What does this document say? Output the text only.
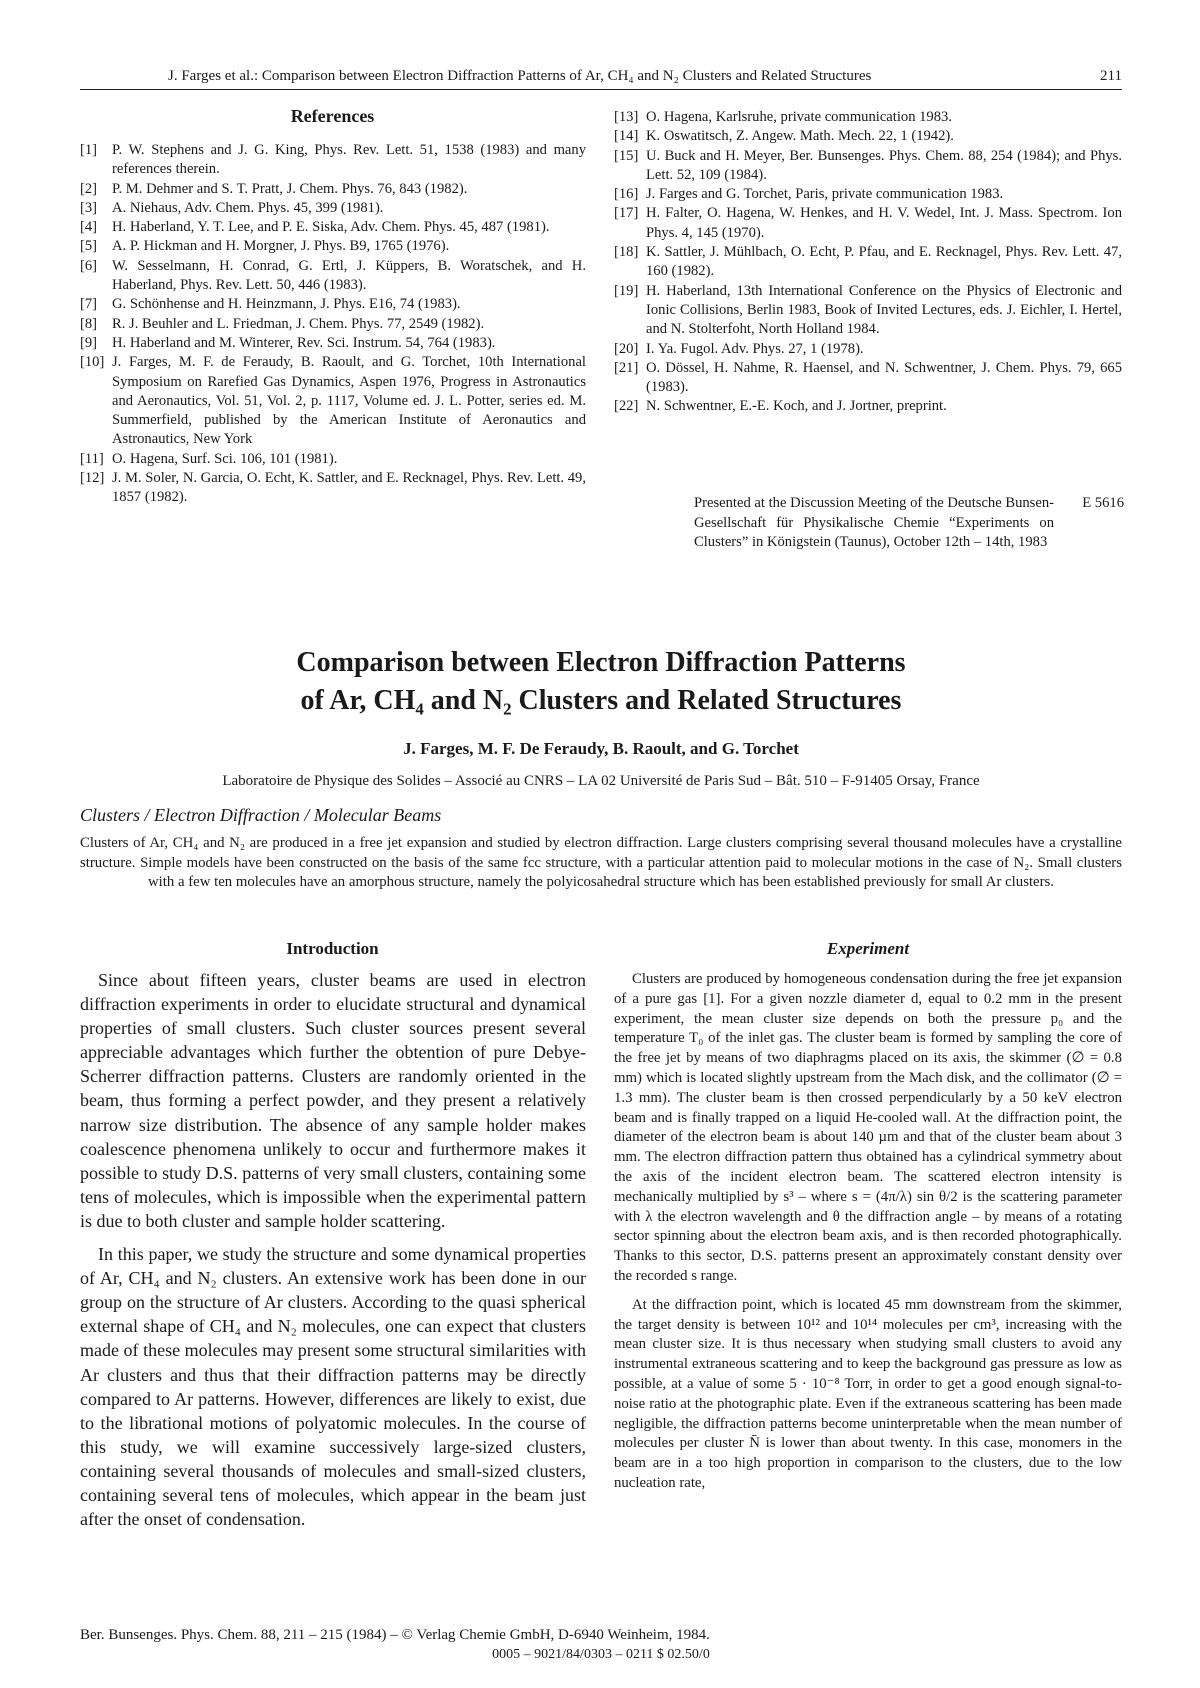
J. Farges et al.: Comparison between Electron Diffraction Patterns of Ar, CH₄ and N₂ Clusters and Related Structures	211
References
[1] P. W. Stephens and J. G. King, Phys. Rev. Lett. 51, 1538 (1983) and many references therein.
[2] P. M. Dehmer and S. T. Pratt, J. Chem. Phys. 76, 843 (1982).
[3] A. Niehaus, Adv. Chem. Phys. 45, 399 (1981).
[4] H. Haberland, Y. T. Lee, and P. E. Siska, Adv. Chem. Phys. 45, 487 (1981).
[5] A. P. Hickman and H. Morgner, J. Phys. B9, 1765 (1976).
[6] W. Sesselmann, H. Conrad, G. Ertl, J. Küppers, B. Woratschek, and H. Haberland, Phys. Rev. Lett. 50, 446 (1983).
[7] G. Schönhense and H. Heinzmann, J. Phys. E16, 74 (1983).
[8] R. J. Beuhler and L. Friedman, J. Chem. Phys. 77, 2549 (1982).
[9] H. Haberland and M. Winterer, Rev. Sci. Instrum. 54, 764 (1983).
[10] J. Farges, M. F. de Feraudy, B. Raoult, and G. Torchet, 10th International Symposium on Rarefied Gas Dynamics, Aspen 1976, Progress in Astronautics and Aeronautics, Vol. 51, Vol. 2, p. 1117, Volume ed. J. L. Potter, series ed. M. Summerfield, published by the American Institute of Aeronautics and Astronautics, New York
[11] O. Hagena, Surf. Sci. 106, 101 (1981).
[12] J. M. Soler, N. Garcia, O. Echt, K. Sattler, and E. Recknagel, Phys. Rev. Lett. 49, 1857 (1982).
[13] O. Hagena, Karlsruhe, private communication 1983.
[14] K. Oswatitsch, Z. Angew. Math. Mech. 22, 1 (1942).
[15] U. Buck and H. Meyer, Ber. Bunsenges. Phys. Chem. 88, 254 (1984); and Phys. Lett. 52, 109 (1984).
[16] J. Farges and G. Torchet, Paris, private communication 1983.
[17] H. Falter, O. Hagena, W. Henkes, and H. V. Wedel, Int. J. Mass. Spectrom. Ion Phys. 4, 145 (1970).
[18] K. Sattler, J. Mühlbach, O. Echt, P. Pfau, and E. Recknagel, Phys. Rev. Lett. 47, 160 (1982).
[19] H. Haberland, 13th International Conference on the Physics of Electronic and Ionic Collisions, Berlin 1983, Book of Invited Lectures, eds. J. Eichler, I. Hertel, and N. Stolterfoht, North Holland 1984.
[20] I. Ya. Fugol. Adv. Phys. 27, 1 (1978).
[21] O. Dössel, H. Nahme, R. Haensel, and N. Schwentner, J. Chem. Phys. 79, 665 (1983).
[22] N. Schwentner, E.-E. Koch, and J. Jortner, preprint.
Presented at the Discussion Meeting of the Deutsche Bunsen-Gesellschaft für Physikalische Chemie “Experiments on Clusters” in Königstein (Taunus), October 12th – 14th, 1983
E 5616
Comparison between Electron Diffraction Patterns
of Ar, CH₄ and N₂ Clusters and Related Structures
J. Farges, M. F. De Feraudy, B. Raoult, and G. Torchet
Laboratoire de Physique des Solides – Associé au CNRS – LA 02 Université de Paris Sud – Bât. 510 – F-91405 Orsay, France
Clusters / Electron Diffraction / Molecular Beams
Clusters of Ar, CH₄ and N₂ are produced in a free jet expansion and studied by electron diffraction. Large clusters comprising several thousand molecules have a crystalline structure. Simple models have been constructed on the basis of the same fcc structure, with a particular attention paid to molecular motions in the case of N₂. Small clusters with a few ten molecules have an amorphous structure, namely the polyicosahedral structure which has been established previously for small Ar clusters.
Introduction	Experiment

Since about fifteen years, cluster beams are used in electron diffraction experiments in order to elucidate structural and dynamical properties of small clusters. Such cluster sources present several appreciable advantages which further the obtention of pure Debye-Scherrer diffraction patterns. Clusters are randomly oriented in the beam, thus forming a perfect powder, and they present a relatively narrow size distribution. The absence of any sample holder makes coalescence phenomena unlikely to occur and furthermore makes it possible to study D.S. patterns of very small clusters, containing some tens of molecules, which is impossible when the experimental pattern is due to both cluster and sample holder scattering.

In this paper, we study the structure and some dynamical properties of Ar, CH₄ and N₂ clusters. An extensive work has been done in our group on the structure of Ar clusters. According to the quasi spherical external shape of CH₄ and N₂ molecules, one can expect that clusters made of these molecules may present some structural similarities with Ar clusters and thus that their diffraction patterns may be directly compared to Ar patterns. However, differences are likely to exist, due to the librational motions of polyatomic molecules. In the course of this study, we will examine successively large-sized clusters, containing several thousands of molecules and small-sized clusters, containing several tens of molecules, which appear in the beam just after the onset of condensation.

Clusters are produced by homogeneous condensation during the free jet expansion of a pure gas [1]. For a given nozzle diameter d, equal to 0.2 mm in the present experiment, the mean cluster size depends on both the pressure p₀ and the temperature T₀ of the inlet gas. The cluster beam is formed by sampling the core of the free jet by means of two diaphragms placed on its axis, the skimmer (∅ = 0.8 mm) which is located slightly upstream from the Mach disk, and the collimator (∅ = 1.3 mm). The cluster beam is then crossed perpendicularly by a 50 keV electron beam and is finally trapped on a liquid He-cooled wall. At the diffraction point, the diameter of the electron beam is about 140 µm and that of the cluster beam about 3 mm. The electron diffraction pattern thus obtained has a cylindrical symmetry about the axis of the incident electron beam. The scattered electron intensity is mechanically multiplied by s³ – where s = (4π/λ) sin θ/2 is the scattering parameter with λ the electron wavelength and θ the diffraction angle – by means of a rotating sector spinning about the electron beam axis, and is then recorded photographically. Thanks to this sector, D.S. patterns present an approximately constant density over the recorded s range.

At the diffraction point, which is located 45 mm downstream from the skimmer, the target density is between 10¹² and 10¹⁴ molecules per cm³, increasing with the mean cluster size. It is thus necessary when studying small clusters to avoid any instrumental extraneous scattering and to keep the background gas pressure as low as possible, at a value of some 5 · 10⁻⁸ Torr, in order to get a good enough signal-to-noise ratio at the photographic plate. Even if the extraneous scattering has been made negligible, the diffraction patterns become uninterpretable when the mean number of molecules per cluster N̄ is lower than about twenty. In this case, monomers in the beam are in a too high proportion in comparison to the clusters, due to the low nucleation rate,

Ber. Bunsenges. Phys. Chem. 88, 211 – 215 (1984) – © Verlag Chemie GmbH, D-6940 Weinheim, 1984.
0005 – 9021/84/0303 – 0211 $ 02.50/0
